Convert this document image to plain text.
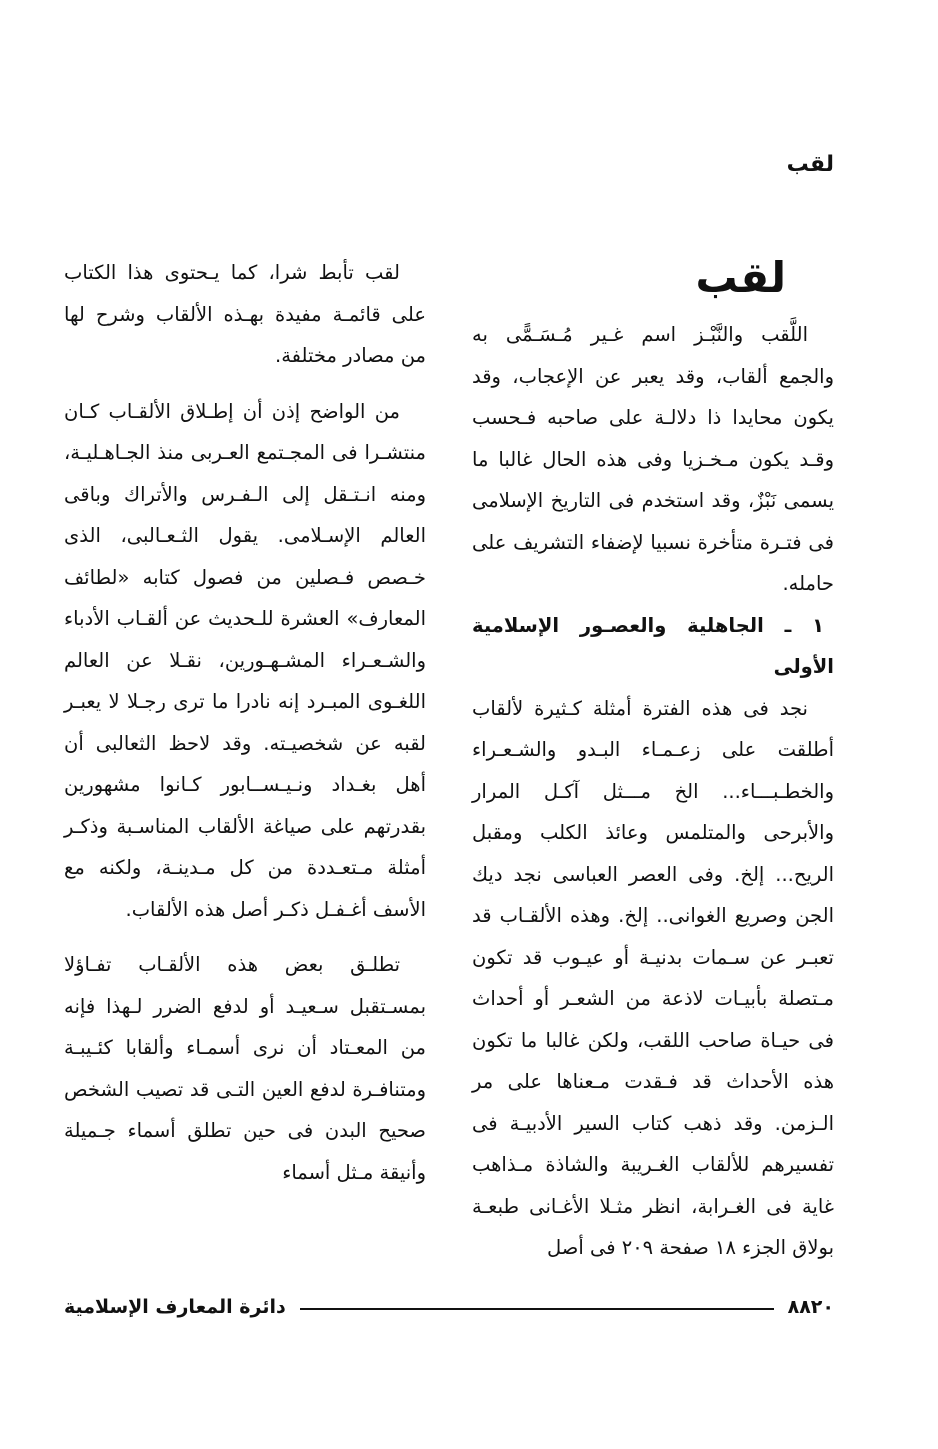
لقب
لقب

اللَّقب والنَّبْـز اسم غـير مُـسَـمًّى به والجمع ألقاب، وقد يعبر عن الإعجاب، وقد يكون محايدا ذا دلالـة على صاحبه فـحسب وقـد يكون مـخـزيا وفى هذه الحال غالبا ما يسمى نَبْزٌ، وقد استخدم فى التاريخ الإسلامى فى فتـرة متأخرة نسبيا لإضفاء التشريف على حامله.

١ ـ الجاهلية والعصـور الإسلامية الأولى

نجد فى هذه الفترة أمثلة كـثيرة لألقاب أطلقت على زعـمـاء البـدو والشـعـراء والخطـبـــاء... الخ مـــثل آكـل المرار والأبرحى والمتلمس وعائذ الكلب ومقبل الريح... إلخ. وفى العصر العباسى نجد ديك الجن وصريع الغوانى.. إلخ. وهذه الألقـاب قد تعبـر عن سـمات بدنيـة أو عيـوب قد تكون مـتصلة بأبيـات لاذعة من الشعـر أو أحداث فى حيـاة صاحب اللقب، ولكن غالبا ما تكون هذه الأحداث قد فـقدت مـعناها على مر الـزمن. وقد ذهب كتاب السير الأدبيـة فى تفسيرهم للألقاب الغـريبة والشاذة مـذاهب غاية فى الغـرابة، انظر مثـلا الأغـانى طبعـة بولاق الجزء ١٨ صفحة ٢٠٩ فى أصل

لقب تأبط شرا، كما يـحتوى هذا الكتاب على قائمـة مفيدة بهـذه الألقاب وشرح لها من مصادر مختلفة.

من الواضح إذن أن إطـلاق الألقـاب كـان منتشـرا فى المجـتمع العـربى منذ الجـاهـليـة، ومنه انـتـقل إلى الـفـرس والأتراك وباقى العالم الإسـلامى. يقول الثـعـالبى، الذى خـصص فـصلين من فصول كتابه «لطائف المعارف» العشرة للـحديث عن ألقـاب الأدباء والشـعـراء المشـهـورين، نقـلا عن العالم اللغـوى المبـرد إنه نادرا ما ترى رجـلا لا يعبـر لقبه عن شخصيـته. وقد لاحظ الثعالبى أن أهل بغـداد ونـيـســابور كـانوا مشهورين بقدرتهم على صياغة الألقاب المناسـبة وذكـر أمثلة مـتعـددة من كل مـدينـة، ولكنه مع الأسف أغـفـل ذكـر أصل هذه الألقاب.

تطلـق بعض هذه الألقـاب تفـاؤلا بمسـتقبل سـعيـد أو لدفع الضرر لـهذا فإنه من المعـتاد أن نرى أسمـاء وألقابا كئـيبـة ومتنافـرة لدفع العين التـى قد تصيب الشخص صحيح البدن فى حين تطلق أسماء جـميلة وأنيقة مـثل أسماء

٨٨٢٠
دائرة المعارف الإسلامية
